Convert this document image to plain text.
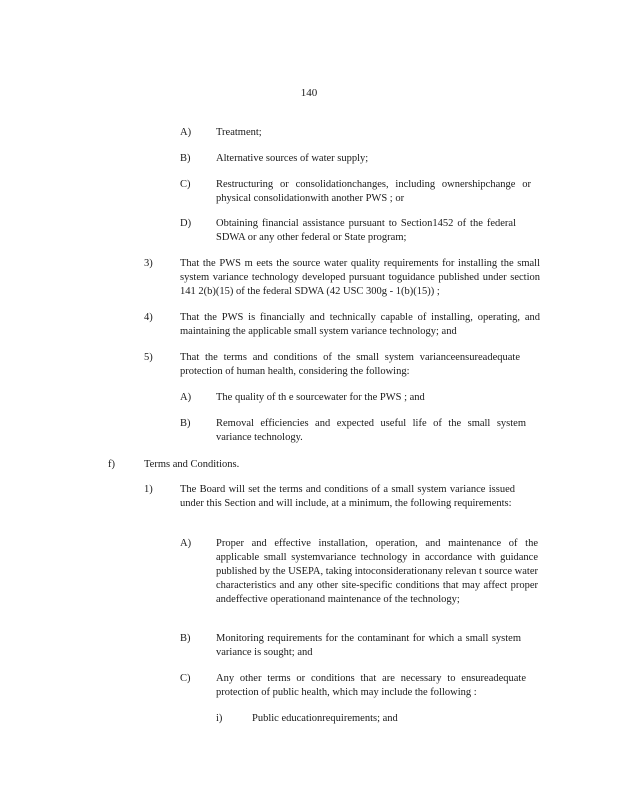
140
A) Treatment;
B) Alternative sources of water supply;
C) Restructuring or consolidationchanges, including ownershipchange or physical consolidationwith another PWS ; or
D) Obtaining financial assistance pursuant to Section1452 of the federal SDWA or any other federal or State program;
3)	That the PWS m eets the source water quality requirements for installing the small system variance technology developed pursuant toguidance published under section 141 2(b)(15) of the federal SDWA (42 USC 300g - 1(b)(15)) ;
4)	That the PWS is financially and technically capable of installing, operating, and maintaining the applicable small system variance technology; and
5)	That the terms and conditions of the small system varianceensureadequate protection of human health, considering the following:
A) The quality of th e sourcewater for the PWS ; and
B) Removal efficiencies and expected useful life of the small system variance technology.
f)	Terms and Conditions.
1)	The Board will set the terms and conditions of a small system variance issued under this Section and will include, at a minimum, the following requirements:
A) Proper and effective installation, operation, and maintenance of the applicable small systemvariance technology in accordance with guidance published by the USEPA, taking intoconsiderationany relevan t source water characteristics and any other site-specific conditions that may affect proper andeffective operationand maintenance of the technology;
B) Monitoring requirements for the contaminant for which a small system variance is sought; and
C) Any other terms or conditions that are necessary to ensureadequate protection of public health, which may include the following :
i)	Public educationrequirements; and
